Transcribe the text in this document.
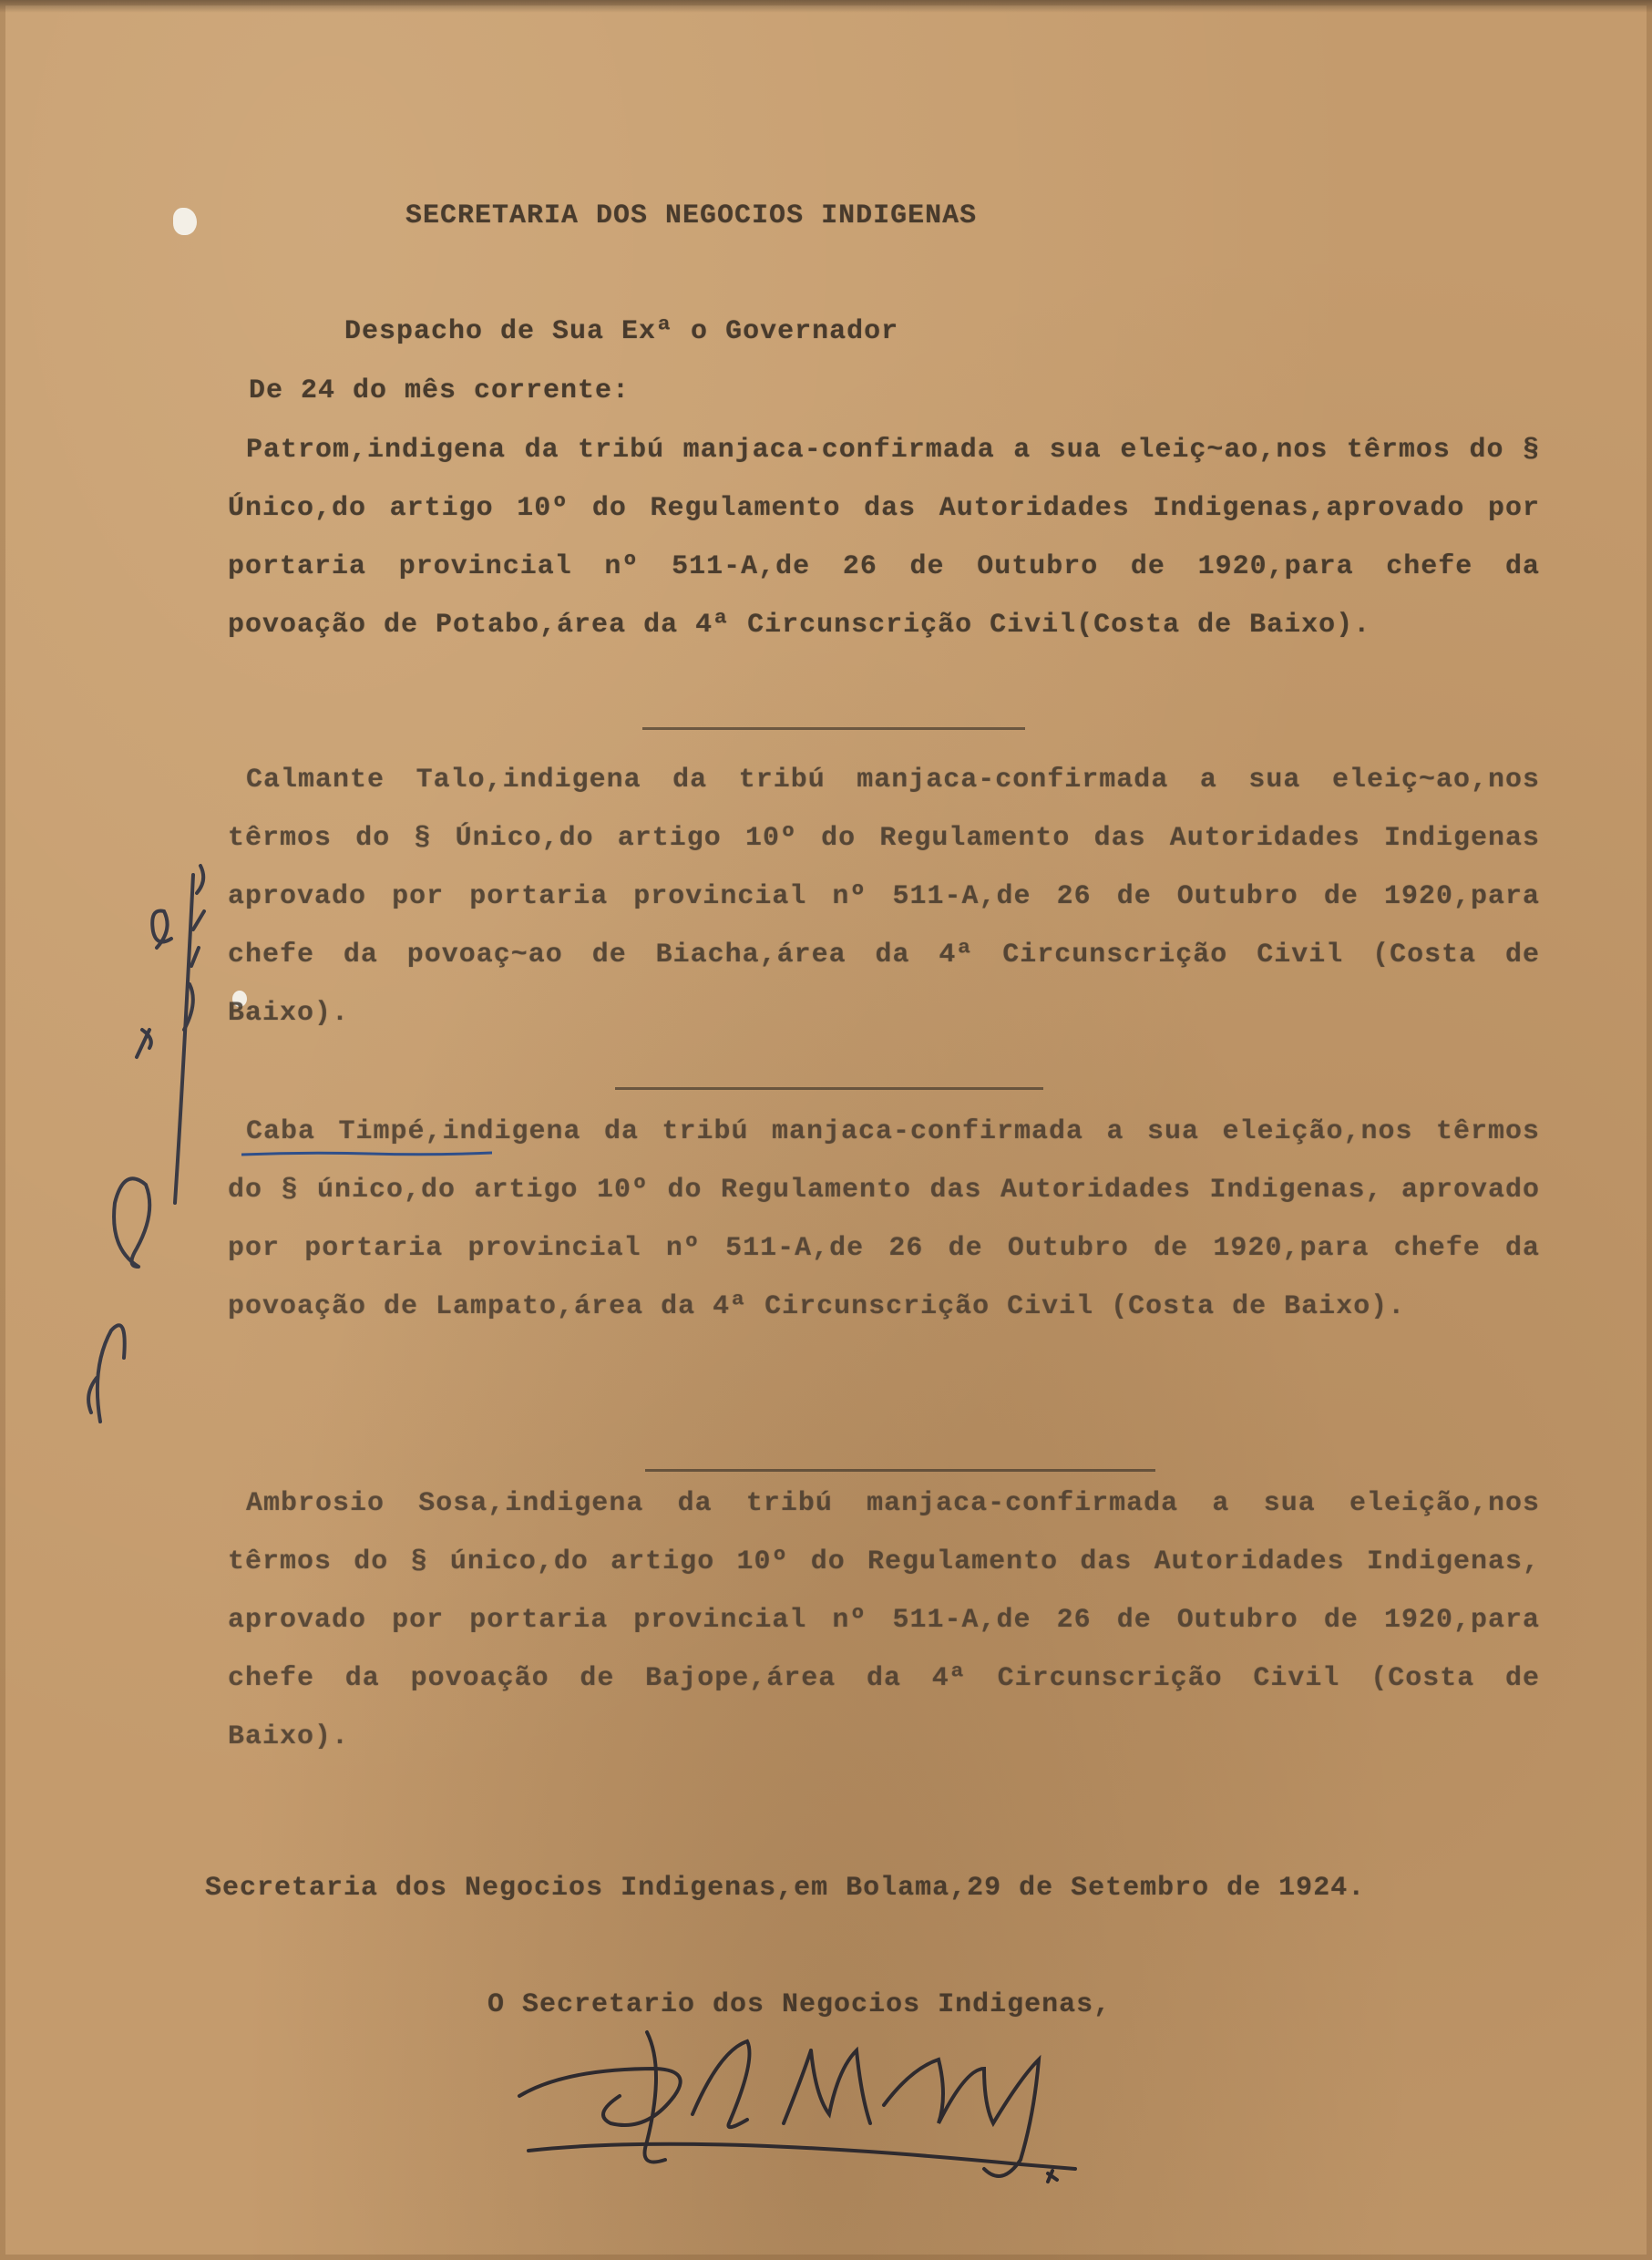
SECRETARIA DOS NEGOCIOS INDIGENAS
Despacho de Sua Exª o Governador
De 24 do mês corrente:

Patrom,indigena da tribú manjaca-confirmada a sua eleiç~ao,nos têrmos do § Único,do artigo 10º do Regulamento das Autoridades Indigenas,aprovado por portaria provincial nº 511-A,de 26 de Outubro de 1920,para chefe da povoação de Potabo,área da 4ª Circunscrição Civil(Costa de Baixo).

Calmante Talo,indigena da tribú manjaca-confirmada a sua eleiç~ao,nos têrmos do § Único,do artigo 10º do Regulamento das Autoridades Indigenas aprovado por portaria provincial nº 511-A,de 26 de Outubro de 1920,para chefe da povoaç~ao de Biacha,área da 4ª Circunscrição Civil (Costa de Baixo).

Caba Timpé,indigena da tribú manjaca-confirmada a sua eleição,nos têrmos do § único,do artigo 10º do Regulamento das Autoridades Indigenas, aprovado por portaria provincial nº 511-A,de 26 de Outubro de 1920,para chefe da povoação de Lampato,área da 4ª Circunscrição Civil (Costa de Baixo).

Ambrosio Sosa,indigena da tribú manjaca-confirmada a sua eleição,nos têrmos do § único,do artigo 10º do Regulamento das Autoridades Indigenas, aprovado por portaria provincial nº 511-A,de 26 de Outubro de 1920,para chefe da povoação de Bajope,área da 4ª Circunscrição Civil (Costa de Baixo).

Secretaria dos Negocios Indigenas,em Bolama,29 de Setembro de 1924.
O Secretario dos Negocios Indigenas,
